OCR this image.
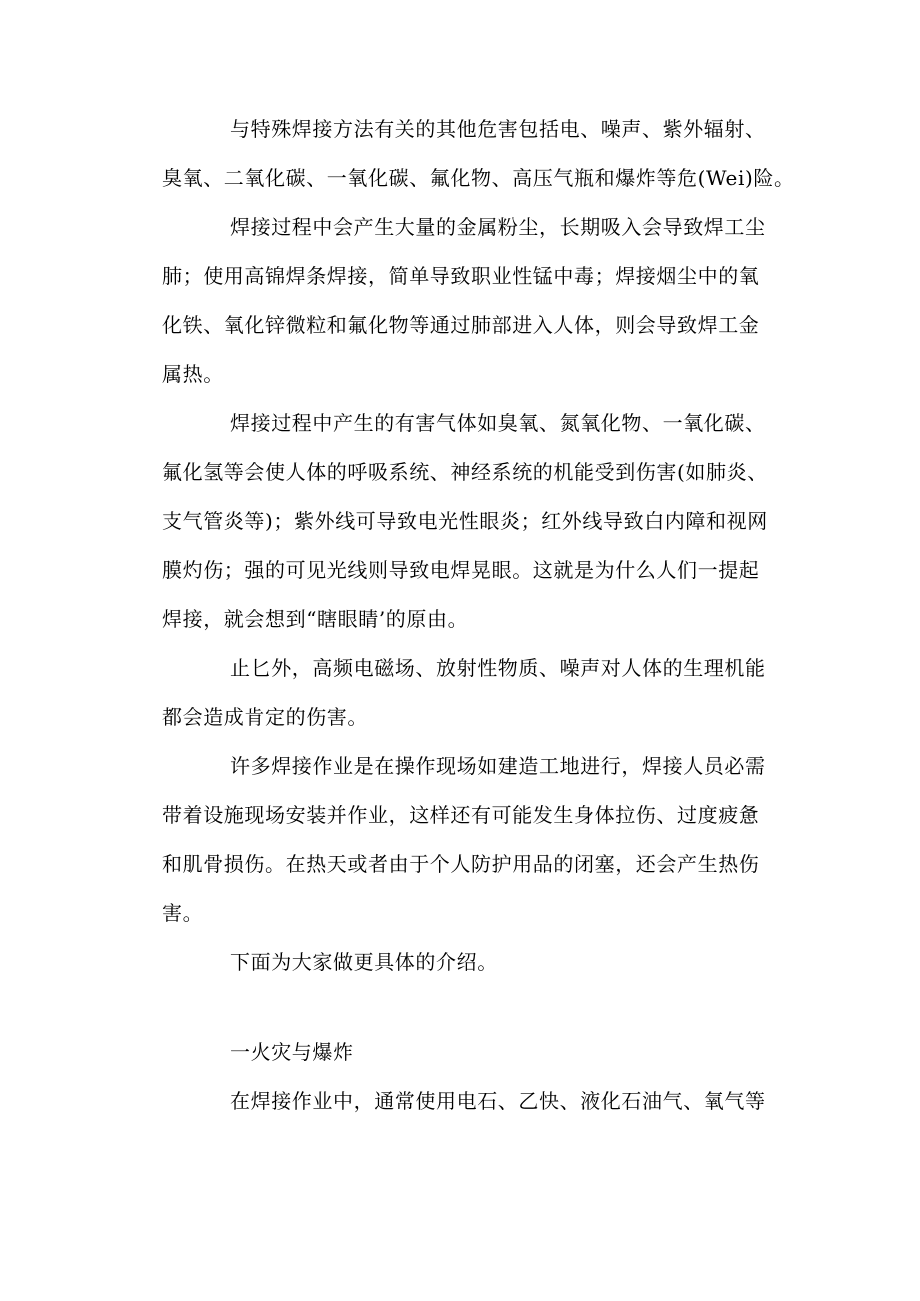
与特殊焊接方法有关的其他危害包括电、噪声、紫外辐射、
臭氧、二氧化碳、一氧化碳、氟化物、高压气瓶和爆炸等危(Wei)险。
焊接过程中会产生大量的金属粉尘，长期吸入会导致焊工尘
肺；使用高锦焊条焊接，简单导致职业性锰中毒；焊接烟尘中的氧
化铁、氧化锌微粒和氟化物等通过肺部进入人体，则会导致焊工金
属热。
焊接过程中产生的有害气体如臭氧、氮氧化物、一氧化碳、
氟化氢等会使人体的呼吸系统、神经系统的机能受到伤害(如肺炎、
支气管炎等)；紫外线可导致电光性眼炎；红外线导致白内障和视网
膜灼伤；强的可见光线则导致电焊晃眼。这就是为什么人们一提起
焊接，就会想到“瞎眼睛’的原由。
止匕外，高频电磁场、放射性物质、噪声对人体的生理机能
都会造成肯定的伤害。
许多焊接作业是在操作现场如建造工地进行，焊接人员必需
带着设施现场安装并作业，这样还有可能发生身体拉伤、过度疲惫
和肌骨损伤。在热天或者由于个人防护用品的闭塞，还会产生热伤
害。
下面为大家做更具体的介绍。
一火灾与爆炸
在焊接作业中，通常使用电石、乙快、液化石油气、氧气等
